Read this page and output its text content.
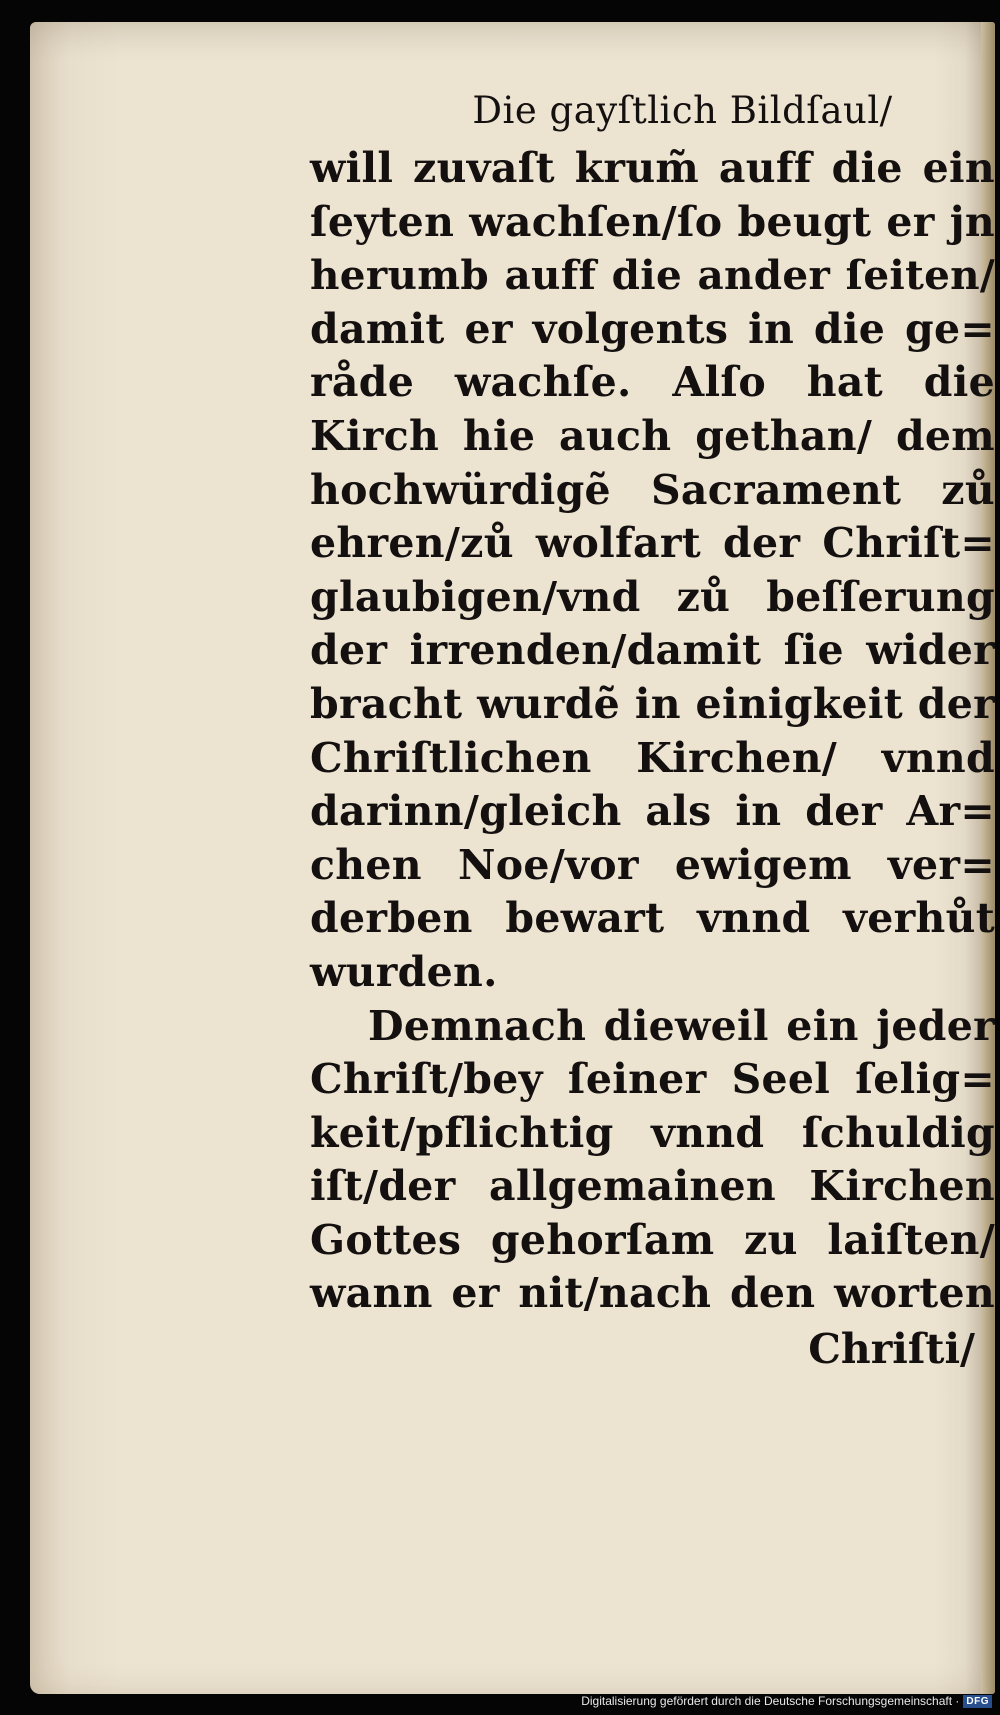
Die gayſtlich Bildſaul/
will zuvaſt krum̃ auff die ein
ſeyten wachſen/ſo beugt er jn
herumb auff die ander ſeiten/
damit er volgents in die ge=
råde wachſe. Alſo hat die
Kirch hie auch gethan/ dem
hochwürdigẽ Sacrament zů
ehren/zů wolfart der Chriſt=
glaubigen/vnd zů beſſerung
der irrenden/damit ſie wider
bracht wurdẽ in einigkeit der
Chriſtlichen Kirchen/ vnnd
darinn/gleich als in der Ar=
chen Noe/vor ewigem ver=
derben bewart vnnd verhůt
wurden.
Demnach dieweil ein jeder
Chriſt/bey ſeiner Seel ſelig=
keit/pflichtig vnnd ſchuldig
iſt/der allgemainen Kirchen
Gottes gehorſam zu laiſten/
wann er nit/nach den worten
Chriſti/
Digitalisierung gefördert durch die Deutsche Forschungsgemeinschaft · DFG
